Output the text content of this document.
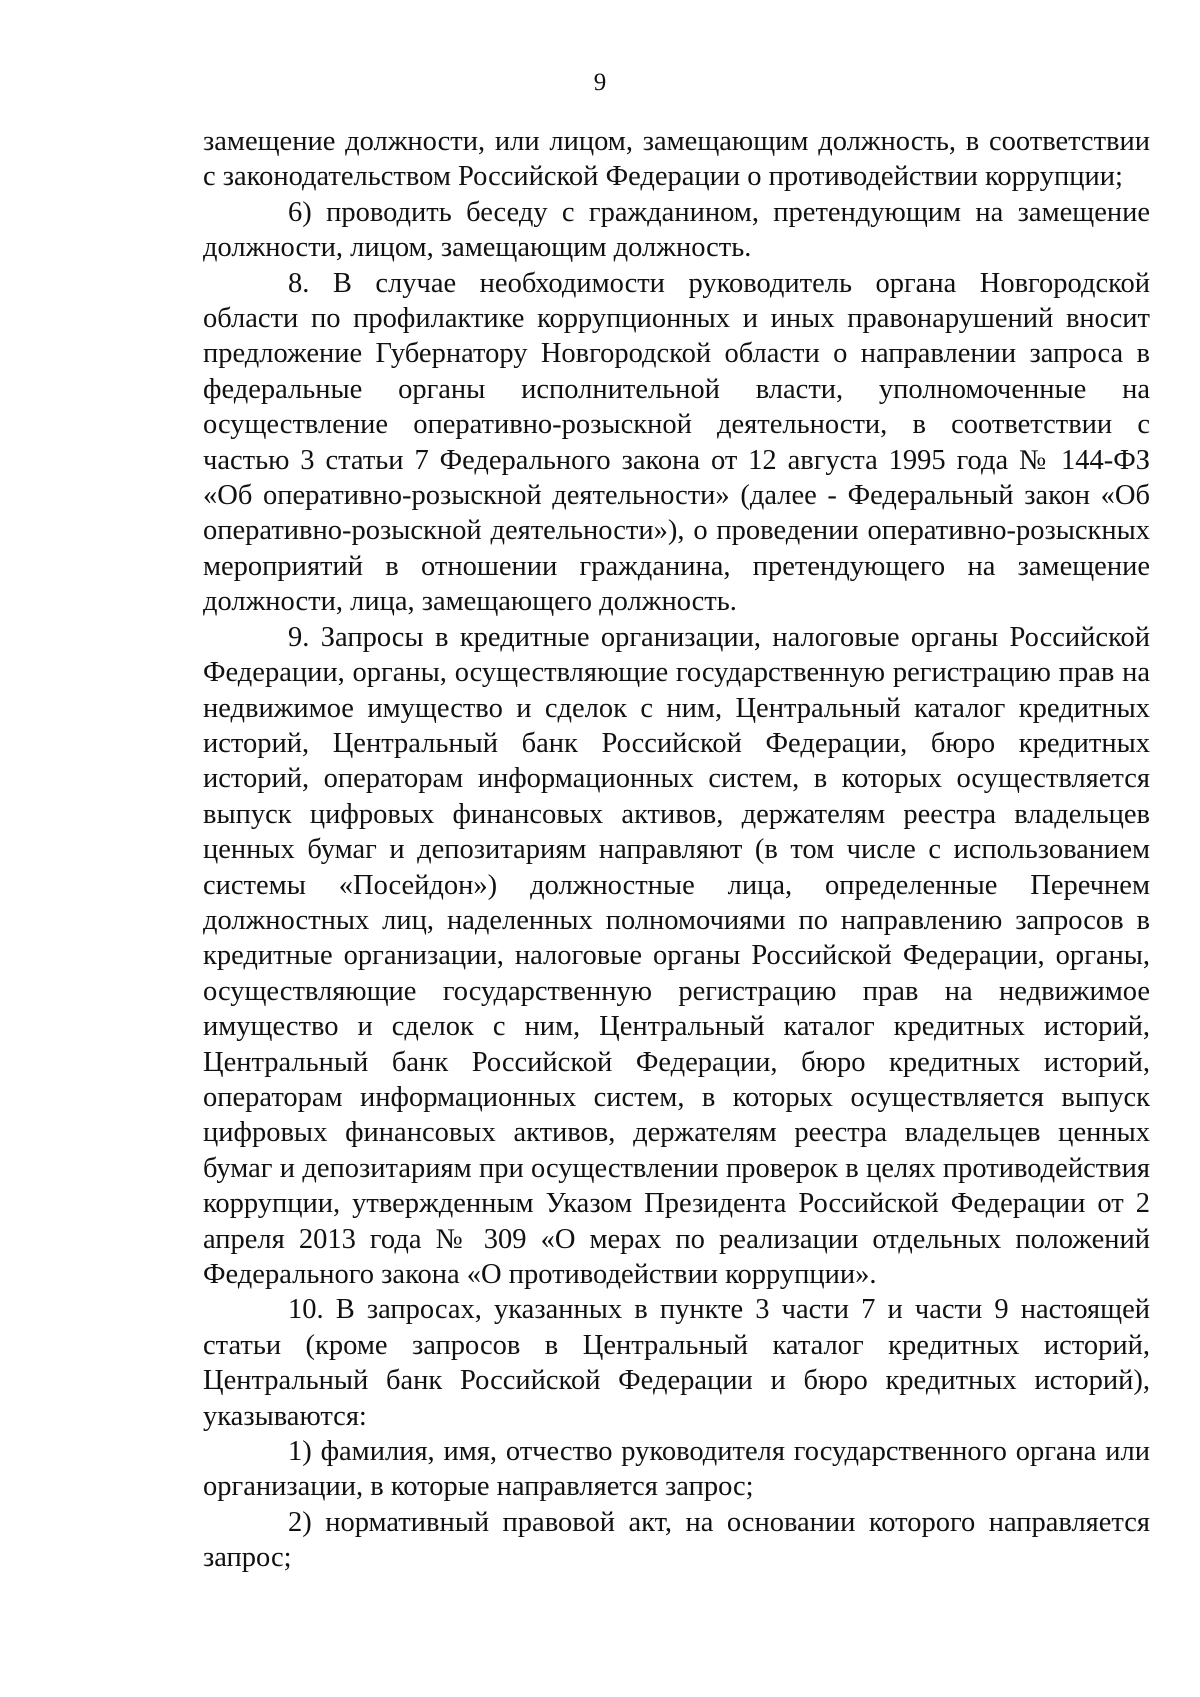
9

замещение должности, или лицом, замещающим должность, в соответствии с законодательством Российской Федерации о противодействии коррупции;

6) проводить беседу с гражданином, претендующим на замещение должности, лицом, замещающим должность.

8. В случае необходимости руководитель органа Новгородской области по профилактике коррупционных и иных правонарушений вносит предложение Губернатору Новгородской области о направлении запроса в федеральные органы исполнительной власти, уполномоченные на осуществление оперативно-розыскной деятельности, в соответствии с частью 3 статьи 7 Федерального закона от 12 августа 1995 года № 144-ФЗ «Об оперативно-розыскной деятельности» (далее - Федеральный закон «Об оперативно-розыскной деятельности»), о проведении оперативно-розыскных мероприятий в отношении гражданина, претендующего на замещение должности, лица, замещающего должность.

9. Запросы в кредитные организации, налоговые органы Российской Федерации, органы, осуществляющие государственную регистрацию прав на недвижимое имущество и сделок с ним, Центральный каталог кредитных историй, Центральный банк Российской Федерации, бюро кредитных историй, операторам информационных систем, в которых осуществляется выпуск цифровых финансовых активов, держателям реестра владельцев ценных бумаг и депозитариям направляют (в том числе с использованием системы «Посейдон») должностные лица, определенные Перечнем должностных лиц, наделенных полномочиями по направлению запросов в кредитные организации, налоговые органы Российской Федерации, органы, осуществляющие государственную регистрацию прав на недвижимое имущество и сделок с ним, Центральный каталог кредитных историй, Центральный банк Российской Федерации, бюро кредитных историй, операторам информационных систем, в которых осуществляется выпуск цифровых финансовых активов, держателям реестра владельцев ценных бумаг и депозитариям при осуществлении проверок в целях противодействия коррупции, утвержденным Указом Президента Российской Федерации от 2 апреля 2013 года № 309 «О мерах по реализации отдельных положений Федерального закона «О противодействии коррупции».

10. В запросах, указанных в пункте 3 части 7 и части 9 настоящей статьи (кроме запросов в Центральный каталог кредитных историй, Центральный банк Российской Федерации и бюро кредитных историй), указываются:

1) фамилия, имя, отчество руководителя государственного органа или организации, в которые направляется запрос;

2) нормативный правовой акт, на основании которого направляется запрос;
